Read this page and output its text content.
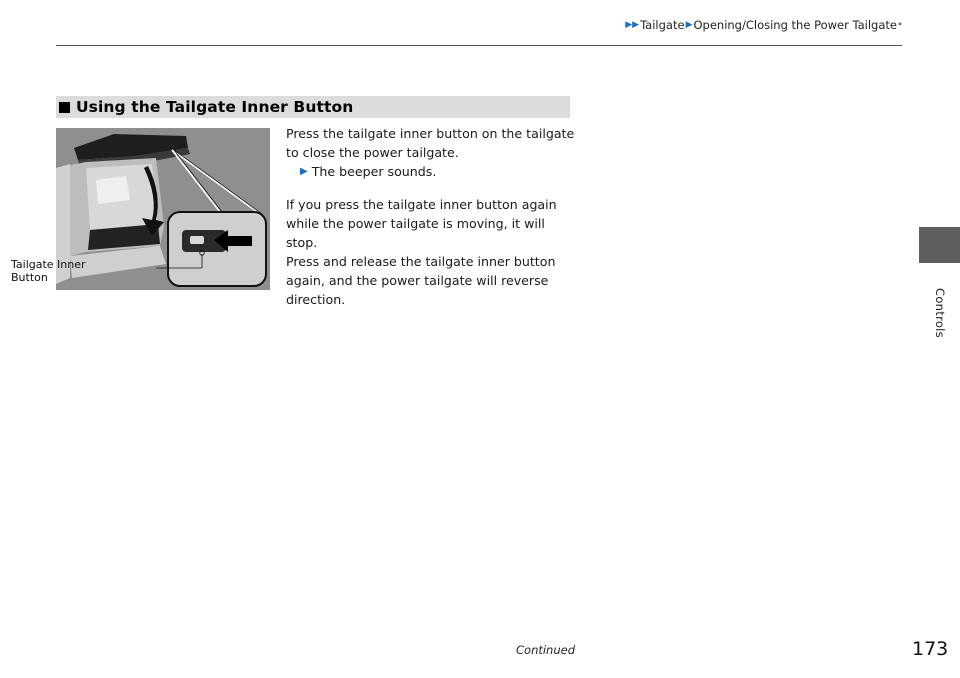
▶▶ Tailgate ▶ Opening/Closing the Power Tailgate *
Controls
Using the Tailgate Inner Button
Tailgate Inner
Button

Press the tailgate inner button on the tailgate

to close the power tailgate.

▶ The beeper sounds.

If you press the tailgate inner button again

while the power tailgate is moving, it will stop.

Press and release the tailgate inner button

again, and the power tailgate will reverse

direction.

Continued	173
